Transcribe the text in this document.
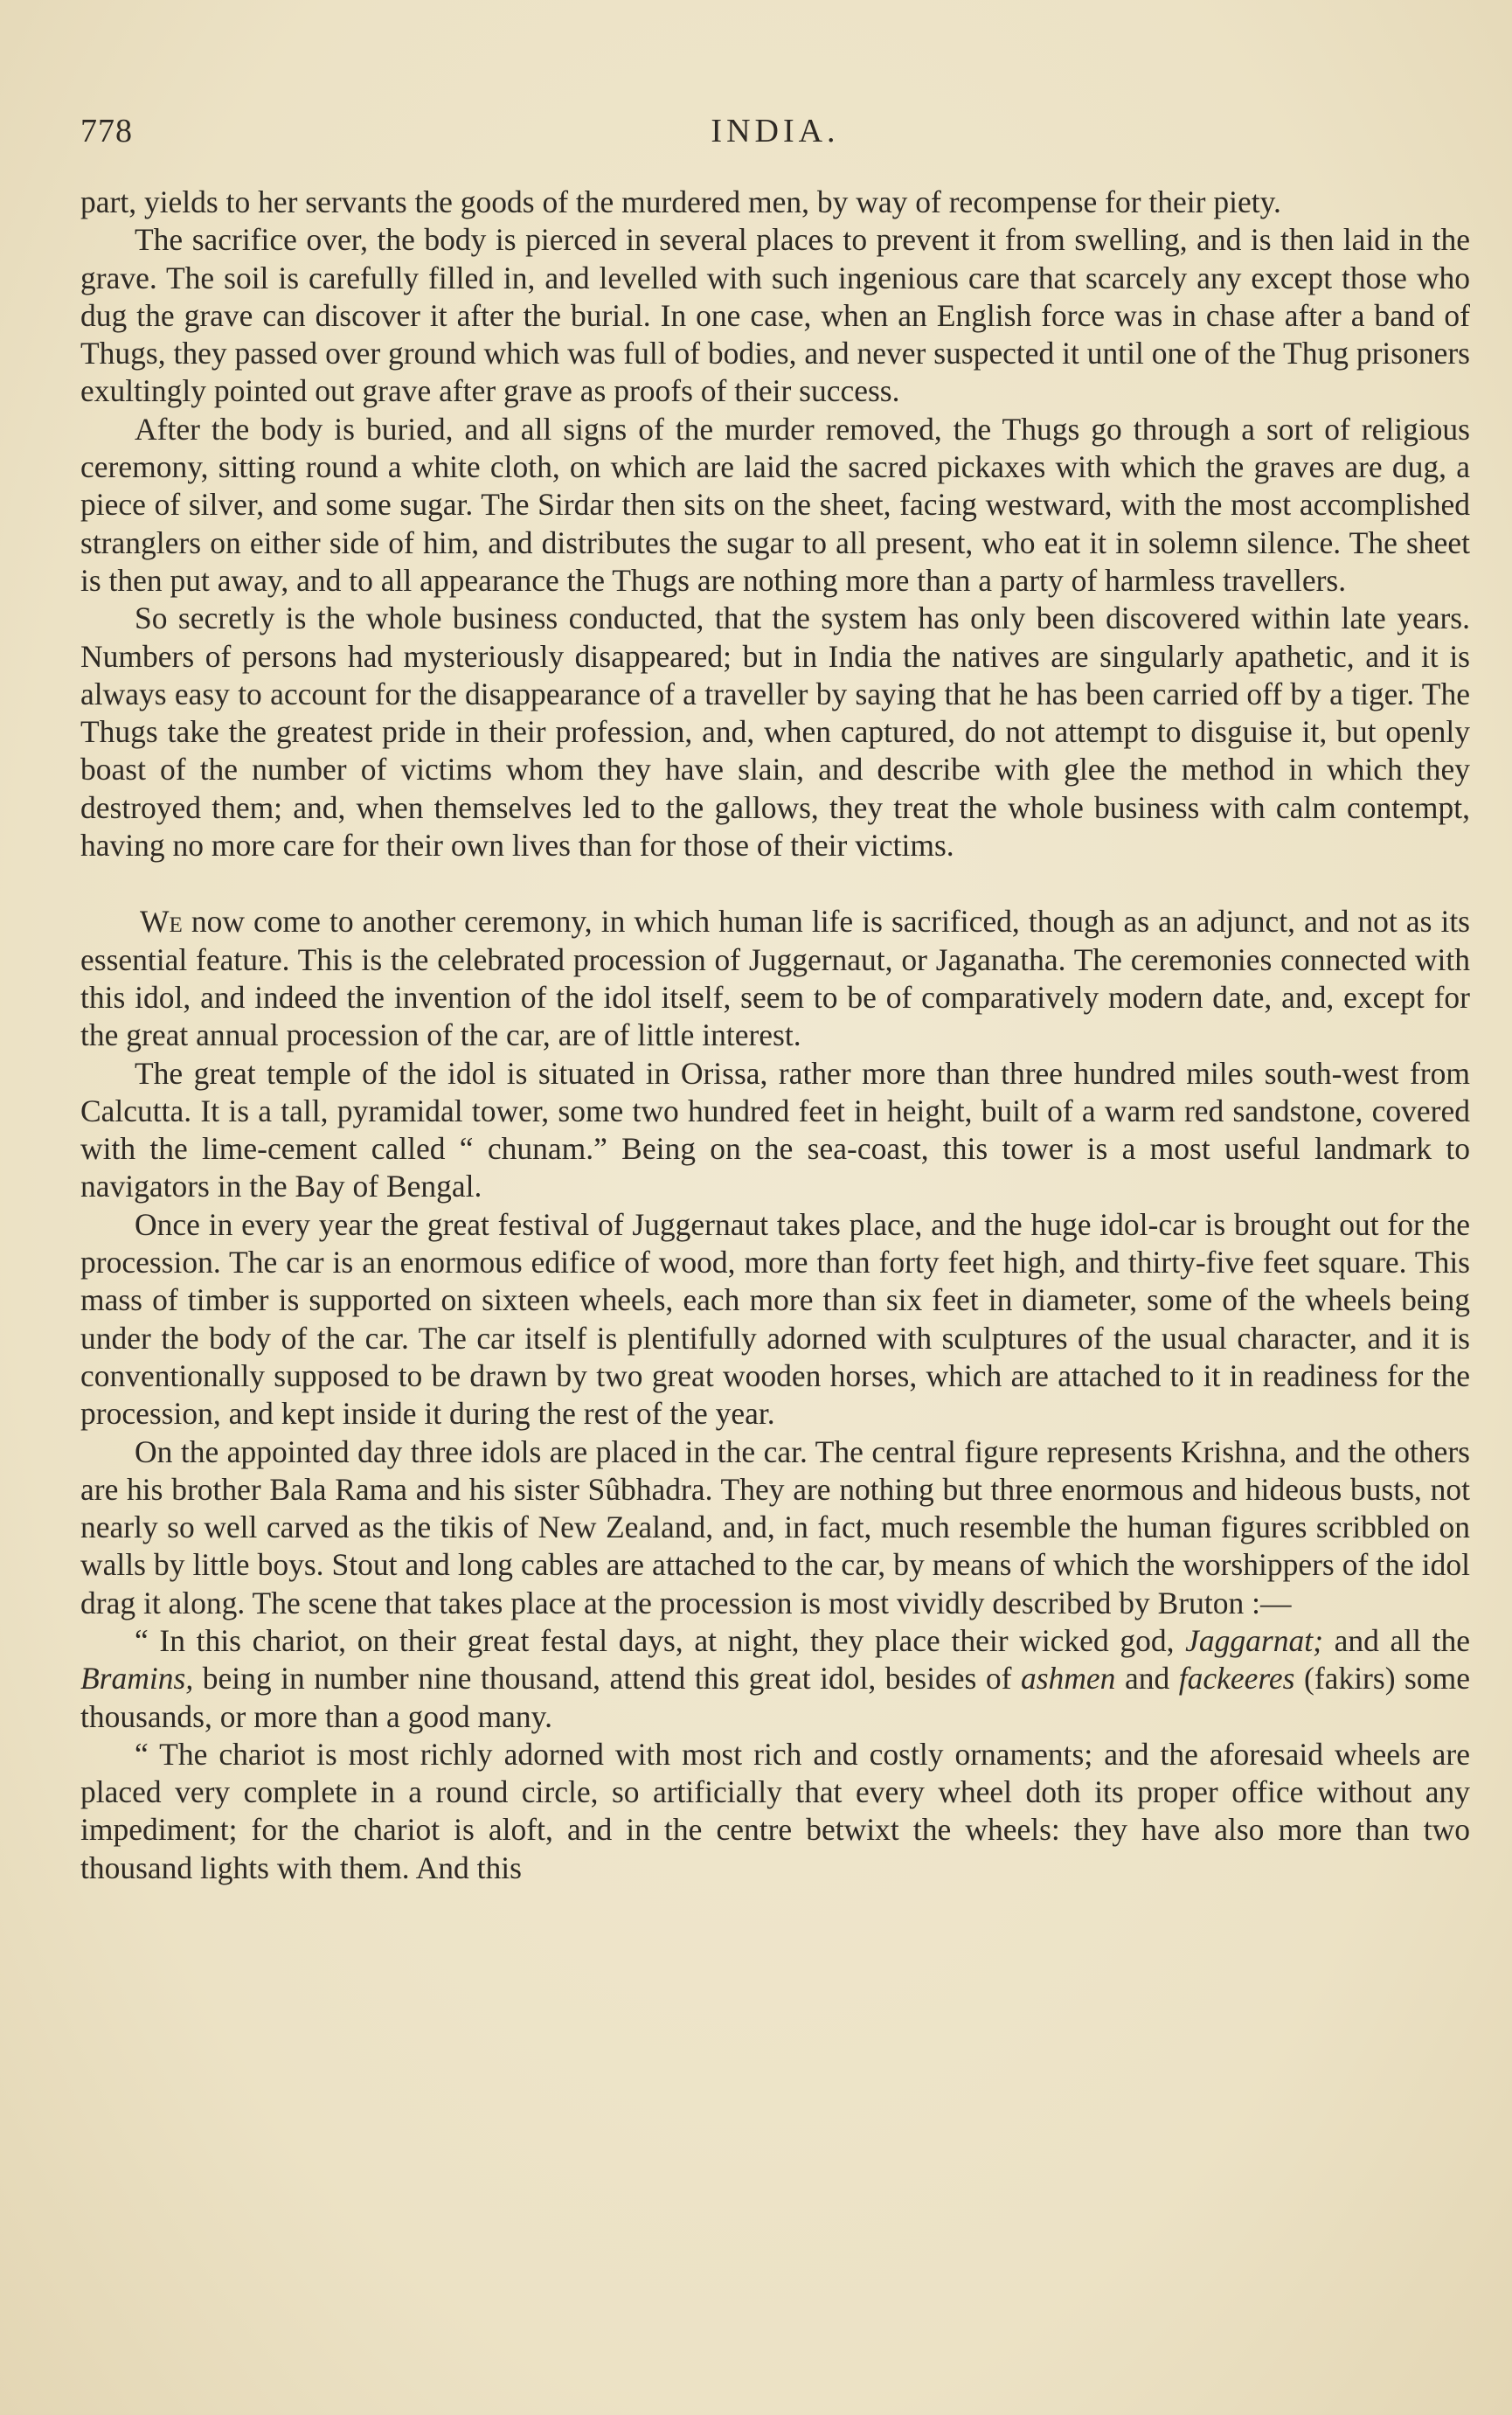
778	INDIA.

part, yields to her servants the goods of the murdered men, by way of recompense for their piety.

The sacrifice over, the body is pierced in several places to prevent it from swelling, and is then laid in the grave. The soil is carefully filled in, and levelled with such ingenious care that scarcely any except those who dug the grave can discover it after the burial. In one case, when an English force was in chase after a band of Thugs, they passed over ground which was full of bodies, and never suspected it until one of the Thug prisoners exultingly pointed out grave after grave as proofs of their success.

After the body is buried, and all signs of the murder removed, the Thugs go through a sort of religious ceremony, sitting round a white cloth, on which are laid the sacred pickaxes with which the graves are dug, a piece of silver, and some sugar. The Sirdar then sits on the sheet, facing westward, with the most accomplished stranglers on either side of him, and distributes the sugar to all present, who eat it in solemn silence. The sheet is then put away, and to all appearance the Thugs are nothing more than a party of harmless travellers.

So secretly is the whole business conducted, that the system has only been discovered within late years. Numbers of persons had mysteriously disappeared; but in India the natives are singularly apathetic, and it is always easy to account for the disappearance of a traveller by saying that he has been carried off by a tiger. The Thugs take the greatest pride in their profession, and, when captured, do not attempt to disguise it, but openly boast of the number of victims whom they have slain, and describe with glee the method in which they destroyed them; and, when themselves led to the gallows, they treat the whole business with calm contempt, having no more care for their own lives than for those of their victims.

We now come to another ceremony, in which human life is sacrificed, though as an adjunct, and not as its essential feature. This is the celebrated procession of Juggernaut, or Jaganatha. The ceremonies connected with this idol, and indeed the invention of the idol itself, seem to be of comparatively modern date, and, except for the great annual procession of the car, are of little interest.

The great temple of the idol is situated in Orissa, rather more than three hundred miles south-west from Calcutta. It is a tall, pyramidal tower, some two hundred feet in height, built of a warm red sandstone, covered with the lime-cement called “ chunam.” Being on the sea-coast, this tower is a most useful landmark to navigators in the Bay of Bengal.

Once in every year the great festival of Juggernaut takes place, and the huge idol-car is brought out for the procession. The car is an enormous edifice of wood, more than forty feet high, and thirty-five feet square. This mass of timber is supported on sixteen wheels, each more than six feet in diameter, some of the wheels being under the body of the car. The car itself is plentifully adorned with sculptures of the usual character, and it is conventionally supposed to be drawn by two great wooden horses, which are attached to it in readiness for the procession, and kept inside it during the rest of the year.

On the appointed day three idols are placed in the car. The central figure represents Krishna, and the others are his brother Bala Rama and his sister Sûbhadra. They are nothing but three enormous and hideous busts, not nearly so well carved as the tikis of New Zealand, and, in fact, much resemble the human figures scribbled on walls by little boys. Stout and long cables are attached to the car, by means of which the worshippers of the idol drag it along. The scene that takes place at the procession is most vividly described by Bruton :—

“ In this chariot, on their great festal days, at night, they place their wicked god, Jaggarnat; and all the Bramins, being in number nine thousand, attend this great idol, besides of ashmen and fackeeres (fakirs) some thousands, or more than a good many.

“ The chariot is most richly adorned with most rich and costly ornaments; and the aforesaid wheels are placed very complete in a round circle, so artificially that every wheel doth its proper office without any impediment; for the chariot is aloft, and in the centre betwixt the wheels: they have also more than two thousand lights with them. And this
